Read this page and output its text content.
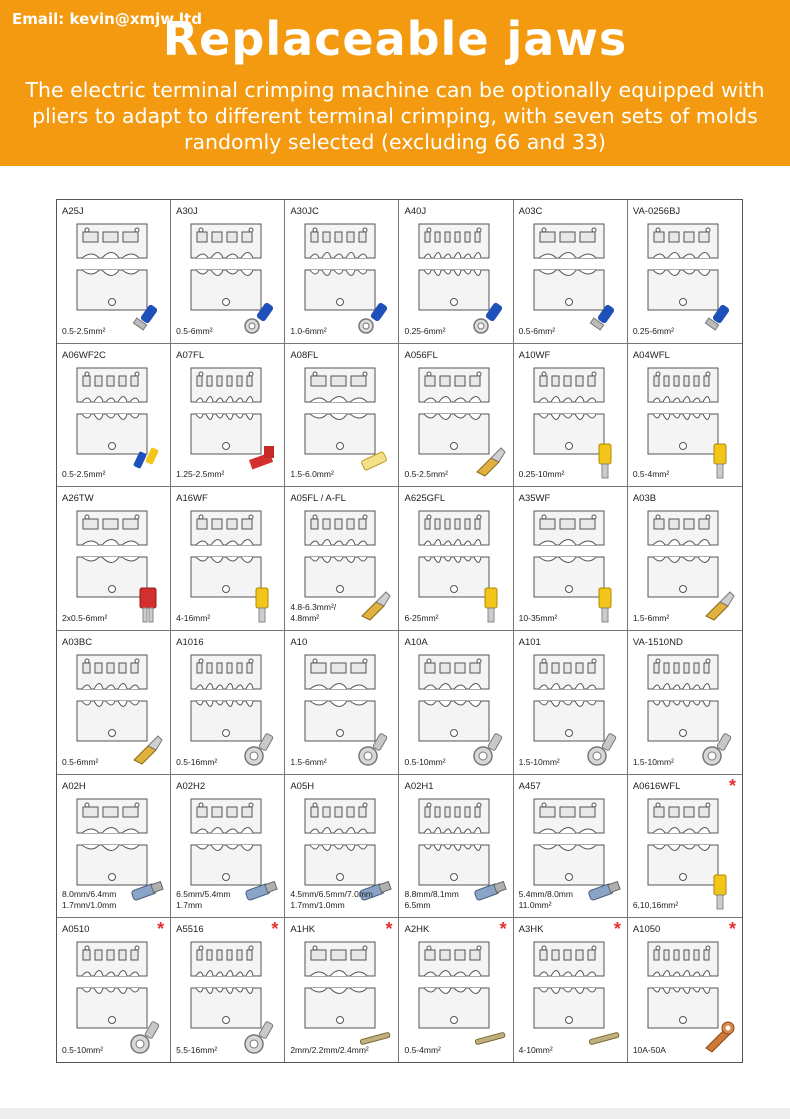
Email: kevin@xmjw.ltd
Replaceable jaws
The electric terminal crimping machine can be optionally equipped with pliers to adapt to different terminal crimping, with seven sets of molds randomly selected (excluding 66 and 33)
A25J
0.5-2.5mm²
A30J
0.5-6mm²
A30JC
1.0-6mm²
A40J
0.25-6mm²
A03C
0.5-6mm²
VA-0256BJ
0.25-6mm²
A06WF2C
0.5-2.5mm²
A07FL
1.25-2.5mm²
A08FL
1.5-6.0mm²
A056FL
0.5-2.5mm²
A10WF
0.25-10mm²
A04WFL
0.5-4mm²
A26TW
2x0.5-6mm²
A16WF
4-16mm²
A05FL / A-FL
4.8-6.3mm²/
4.8mm²
A625GFL
6-25mm²
A35WF
10-35mm²
A03B
1.5-6mm²
A03BC
0.5-6mm²
A1016
0.5-16mm²
A10
1.5-6mm²
A10A
0.5-10mm²
A101
1.5-10mm²
VA-1510ND
1.5-10mm²
A02H
8.0mm/6.4mm
1.7mm/1.0mm
A02H2
6.5mm/5.4mm
1.7mm
A05H
4.5mm/6.5mm/7.0mm
1.7mm/1.0mm
A02H1
8.8mm/8.1mm
6.5mm
A457
5.4mm/8.0mm
11.0mm²
A0616WFL	*
6,10,16mm²
A0510	*
0.5-10mm²
A5516	*
5.5-16mm²
A1HK	*
2mm/2.2mm/2.4mm²
A2HK	*
0.5-4mm²
A3HK	*
4-10mm²
A1050	*
10A-50A
